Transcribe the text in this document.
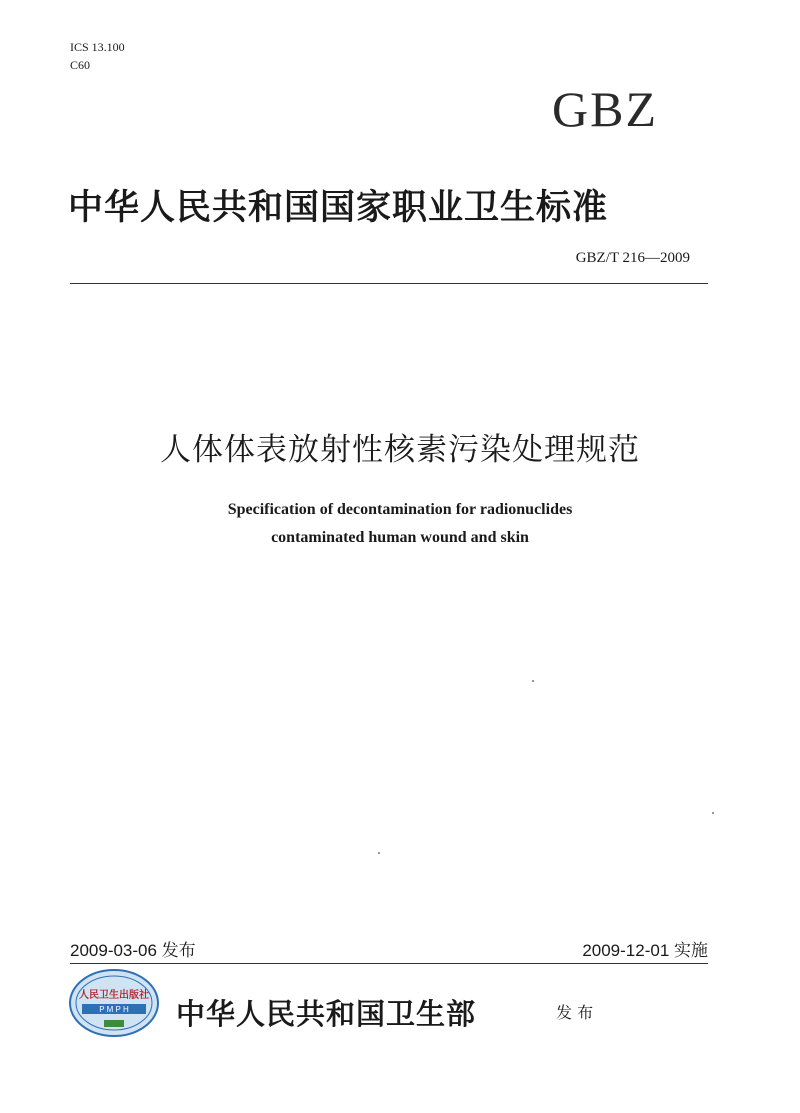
ICS 13.100
C60
GBZ
中华人民共和国国家职业卫生标准
GBZ/T 216—2009
人体体表放射性核素污染处理规范
Specification of decontamination for radionuclides
contaminated human wound and skin
2009-03-06 发布	2009-12-01 实施
人民卫生出版社
P M P H 中华人民共和国卫生部	发 布
